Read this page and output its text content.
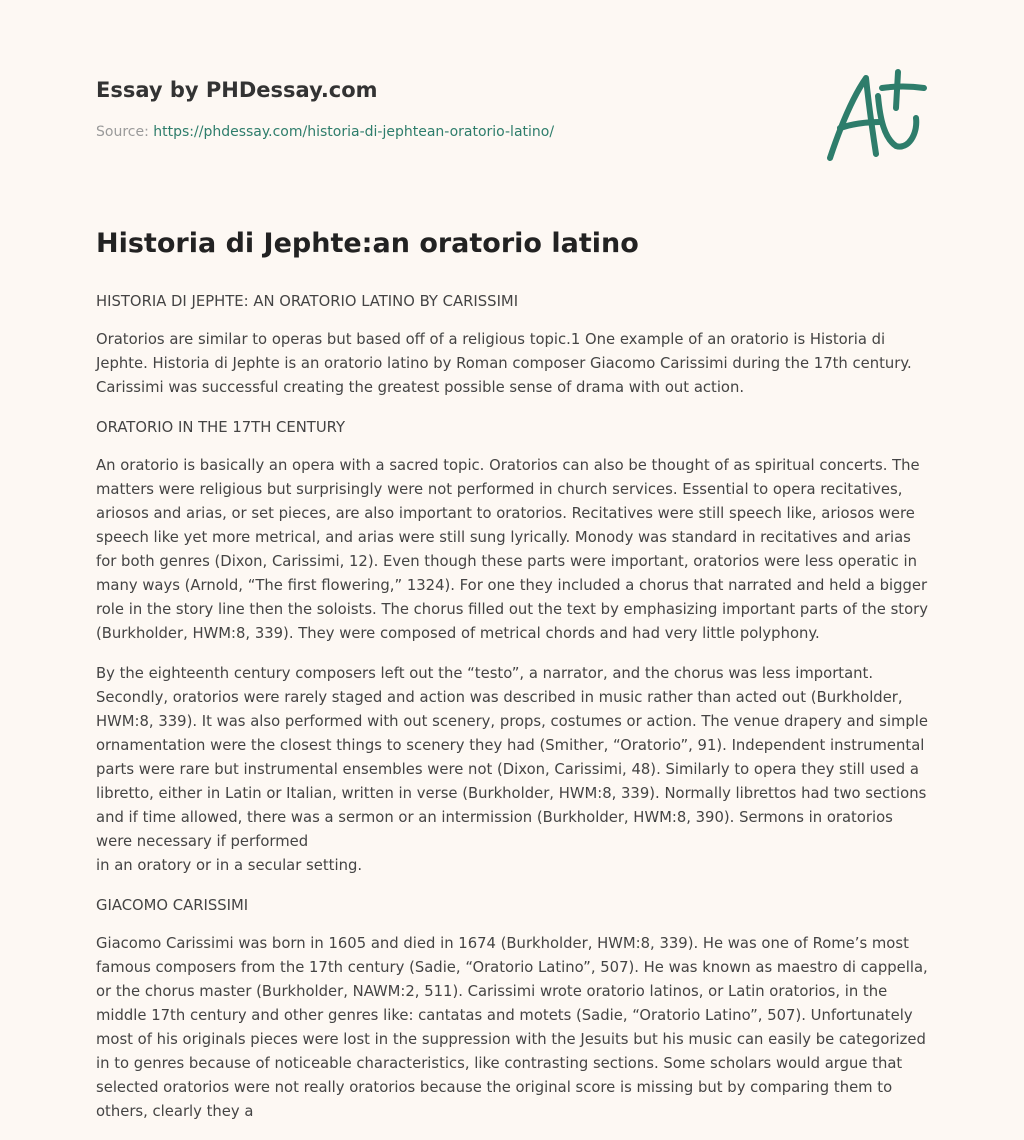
Essay by PHDessay.com
Source: https://phdessay.com/historia-di-jephtean-oratorio-latino/
Historia di Jephte:an oratorio latino

HISTORIA DI JEPHTE: AN ORATORIO LATINO BY CARISSIMI

Oratorios are similar to operas but based off of a religious topic.1 One example of an oratorio is Historia di Jephte. Historia di Jephte is an oratorio latino by Roman composer Giacomo Carissimi during the 17th century. Carissimi was successful creating the greatest possible sense of drama with out action.

ORATORIO IN THE 17TH CENTURY

An oratorio is basically an opera with a sacred topic. Oratorios can also be thought of as spiritual concerts. The matters were religious but surprisingly were not performed in church services. Essential to opera recitatives, ariosos and arias, or set pieces, are also important to oratorios. Recitatives were still speech like, ariosos were speech like yet more metrical, and arias were still sung lyrically. Monody was standard in recitatives and arias for both genres (Dixon, Carissimi, 12). Even though these parts were important, oratorios were less operatic in many ways (Arnold, “The first flowering,” 1324). For one they included a chorus that narrated and held a bigger role in the story line then the soloists. The chorus filled out the text by emphasizing important parts of the story (Burkholder, HWM:8, 339). They were composed of metrical chords and had very little polyphony.

By the eighteenth century composers left out the “testo”, a narrator, and the chorus was less important. Secondly, oratorios were rarely staged and action was described in music rather than acted out (Burkholder, HWM:8, 339). It was also performed with out scenery, props, costumes or action. The venue drapery and simple ornamentation were the closest things to scenery they had (Smither, “Oratorio”, 91). Independent instrumental parts were rare but instrumental ensembles were not (Dixon, Carissimi, 48). Similarly to opera they still used a libretto, either in Latin or Italian, written in verse (Burkholder, HWM:8, 339). Normally librettos had two sections and if time allowed, there was a sermon or an intermission (Burkholder, HWM:8, 390). Sermons in oratorios were necessary if performed
in an oratory or in a secular setting.

GIACOMO CARISSIMI

Giacomo Carissimi was born in 1605 and died in 1674 (Burkholder, HWM:8, 339). He was one of Rome’s most famous composers from the 17th century (Sadie, “Oratorio Latino”, 507). He was known as maestro di cappella, or the chorus master (Burkholder, NAWM:2, 511). Carissimi wrote oratorio latinos, or Latin oratorios, in the middle 17th century and other genres like: cantatas and motets (Sadie, “Oratorio Latino”, 507). Unfortunately most of his originals pieces were lost in the suppression with the Jesuits but his music can easily be categorized in to genres because of noticeable characteristics, like contrasting sections. Some scholars would argue that selected oratorios were not really oratorios because the original score is missing but by comparing them to others, clearly they a
